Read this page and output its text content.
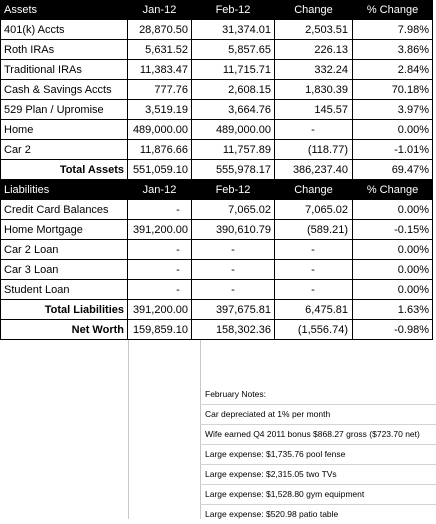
Assets	Jan-12	Feb-12	Change	% Change
401(k) Accts	28,870.50	31,374.01	2,503.51	7.98%
Roth IRAs	5,631.52	5,857.65	226.13	3.86%
Traditional IRAs	11,383.47	11,715.71	332.24	2.84%
Cash & Savings Accts	777.76	2,608.15	1,830.39	70.18%
529 Plan / Upromise	3,519.19	3,664.76	145.57	3.97%
Home	489,000.00	489,000.00	-	0.00%
Car 2	11,876.66	11,757.89	(118.77)	-1.01%
Total Assets 551,059.10	555,978.17	386,237.40	69.47%
Liabilities	Jan-12	Feb-12	Change	% Change
Credit Card Balances	-	7,065.02	7,065.02	0.00%
Home Mortgage	391,200.00	390,610.79	(589.21)	-0.15%
Car 2 Loan	-	-	-	0.00%
Car 3 Loan	-	-	-	0.00%
Student Loan	-	-	-	0.00%
Total Liabilities 391,200.00	397,675.81	6,475.81	1.63%
Net Worth 159,859.10	158,302.36	(1,556.74)	-0.98%
February Notes:
Car depreciated at 1% per month
Wife earned Q4 2011 bonus $868.27 gross ($723.70 net)
Large expense: $1,735.76 pool fense
Large expense: $2,315.05 two TVs
Large expense: $1,528.80 gym equipment
Large expense: $520.98 patio table
